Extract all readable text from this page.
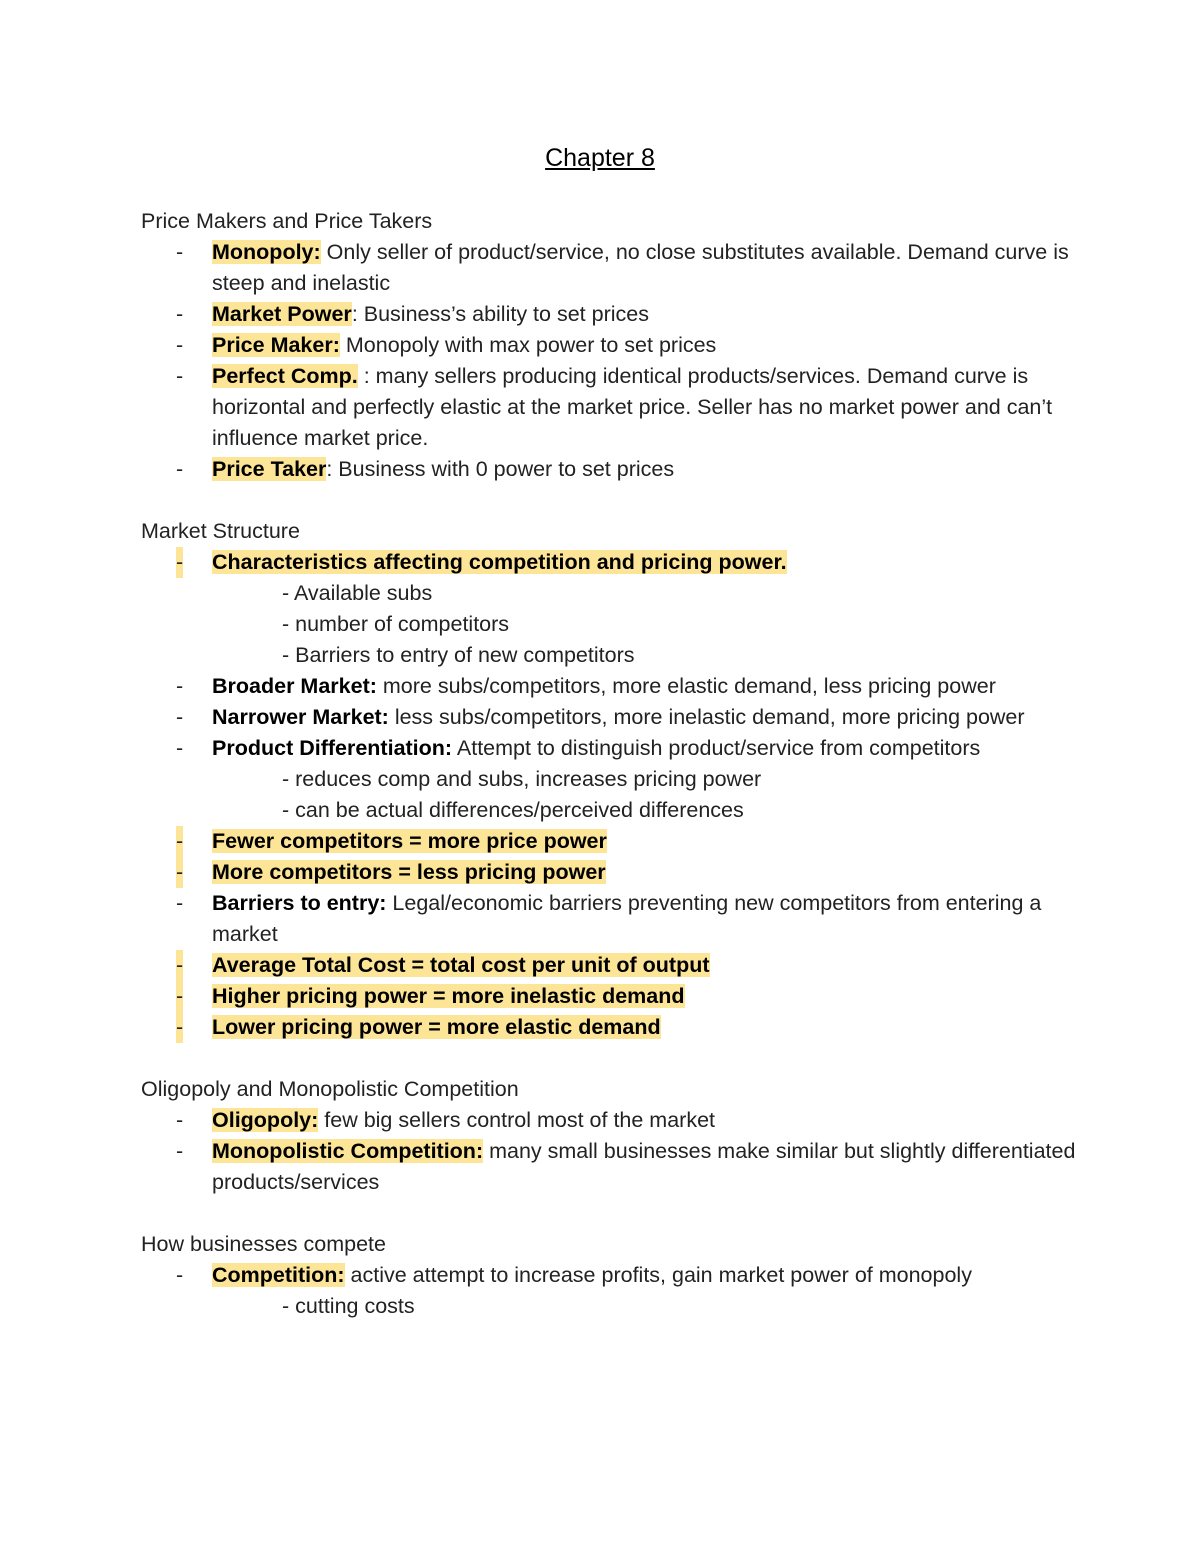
Chapter 8
Price Makers and Price Takers
- Monopoly: Only seller of product/service, no close substitutes available. Demand curve is steep and inelastic
- Market Power: Business’s ability to set prices
- Price Maker: Monopoly with max power to set prices
- Perfect Comp. : many sellers producing identical products/services. Demand curve is horizontal and perfectly elastic at the market price. Seller has no market power and can’t influence market price.
- Price Taker: Business with 0 power to set prices
Market Structure
- Characteristics affecting competition and pricing power.
- Available subs
- number of competitors
- Barriers to entry of new competitors
- Broader Market: more subs/competitors, more elastic demand, less pricing power
- Narrower Market: less subs/competitors, more inelastic demand, more pricing power
- Product Differentiation: Attempt to distinguish product/service from competitors
- reduces comp and subs, increases pricing power
- can be actual differences/perceived differences
- Fewer competitors = more price power
- More competitors = less pricing power
- Barriers to entry: Legal/economic barriers preventing new competitors from entering a market
- Average Total Cost = total cost per unit of output
- Higher pricing power = more inelastic demand
- Lower pricing power = more elastic demand
Oligopoly and Monopolistic Competition
- Oligopoly: few big sellers control most of the market
- Monopolistic Competition: many small businesses make similar but slightly differentiated products/services
How businesses compete
- Competition: active attempt to increase profits, gain market power of monopoly
- cutting costs
